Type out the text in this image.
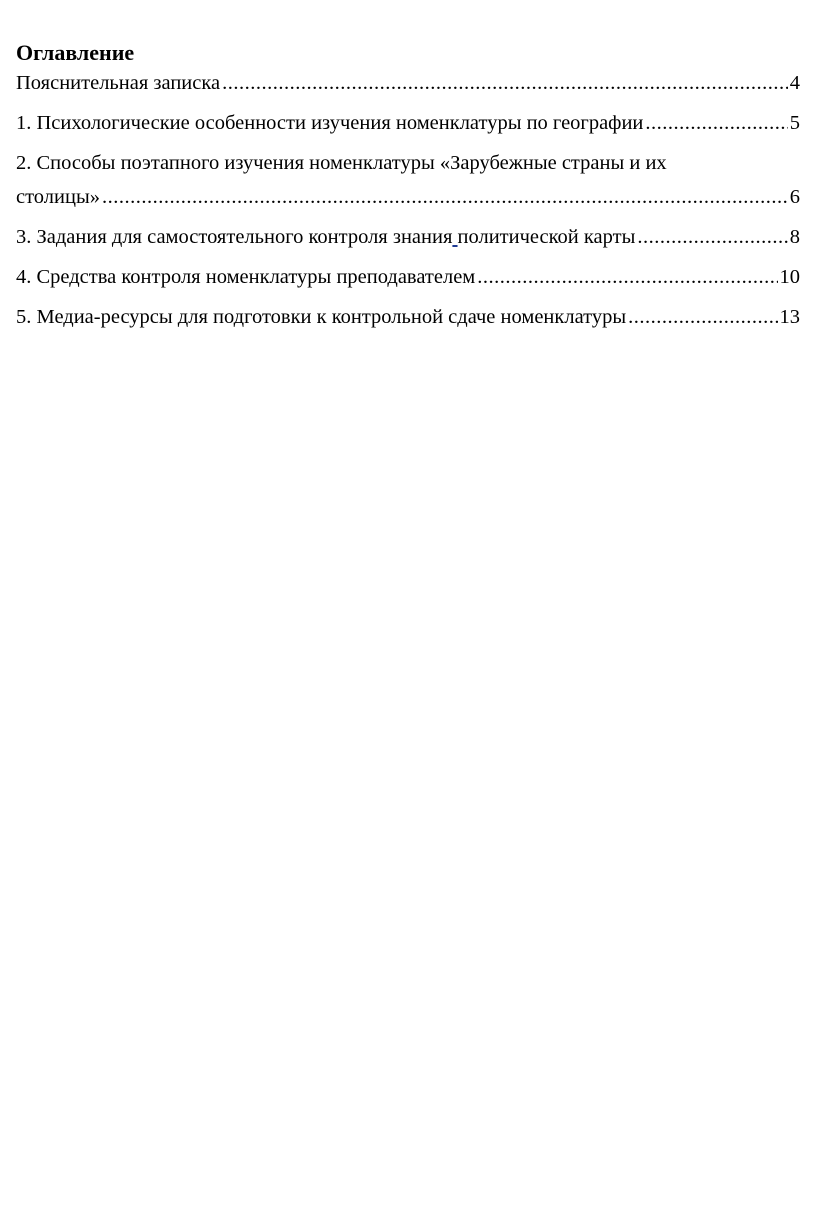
Оглавление
Пояснительная записка .....	4
1. Психологические особенности изучения номенклатуры по географии .....	5
2. Способы поэтапного изучения номенклатуры «Зарубежные страны и их
столицы» .....	6
3. Задания для самостоятельного контроля знания политической карты .....	8
4. Средства контроля номенклатуры преподавателем .....	10
5. Медиа-ресурсы для подготовки к контрольной сдаче номенклатуры .....	13
